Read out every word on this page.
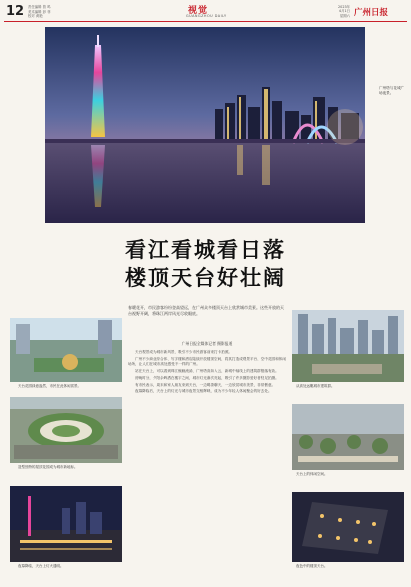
12 责任编辑 曾 鸣
美术编辑 彭 菲
校对 黄艳	视觉
GUANGZHOU DAILY
2023年
4月1日
星期六 广州日报
广州塔与花城广场夜景。
看江看城看日落
楼顶天台好壮阔
春暖花开，市民游客纷纷登高望远，在广州众多楼顶天台上欣赏城市美景。这些开放的天台视野开阔，将珠江两岸风光尽收眼底。
广州日报全媒体记者 摄影报道

天台观景成为城市新风景，吸引不少市民游客前来打卡拍照。

广州不少商业综合体、写字楼和酒店陆续开放楼顶空间，将其打造成观景平台、空中花园和休闲场所，让人们在城市高处感受不一样的广州。

站在天台上，可以看到珠江蜿蜒流淌、广州塔高耸入云，新城中轴线上的建筑群错落有致。

傍晚时分，夕阳余晖洒在楼宇之间，城市灯光渐次亮起，吸引了许多摄影爱好者驻足拍摄。

有市民表示，周末和家人朋友来到天台，一边喝茶聊天，一边欣赏城市美景，非常惬意。

夜幕降临后，天台上的灯光与城市夜景交相辉映，成为不少年轻人休闲聚会的好去处。

天台花园绿意盎然，市民在此休闲赏景。
造型独特的屋顶花园成为城市新地标。
夜幕降临，天台上灯火通明。
从高处远眺城市建筑群。
天台上的休闲空间。
夜色中的楼顶天台。
